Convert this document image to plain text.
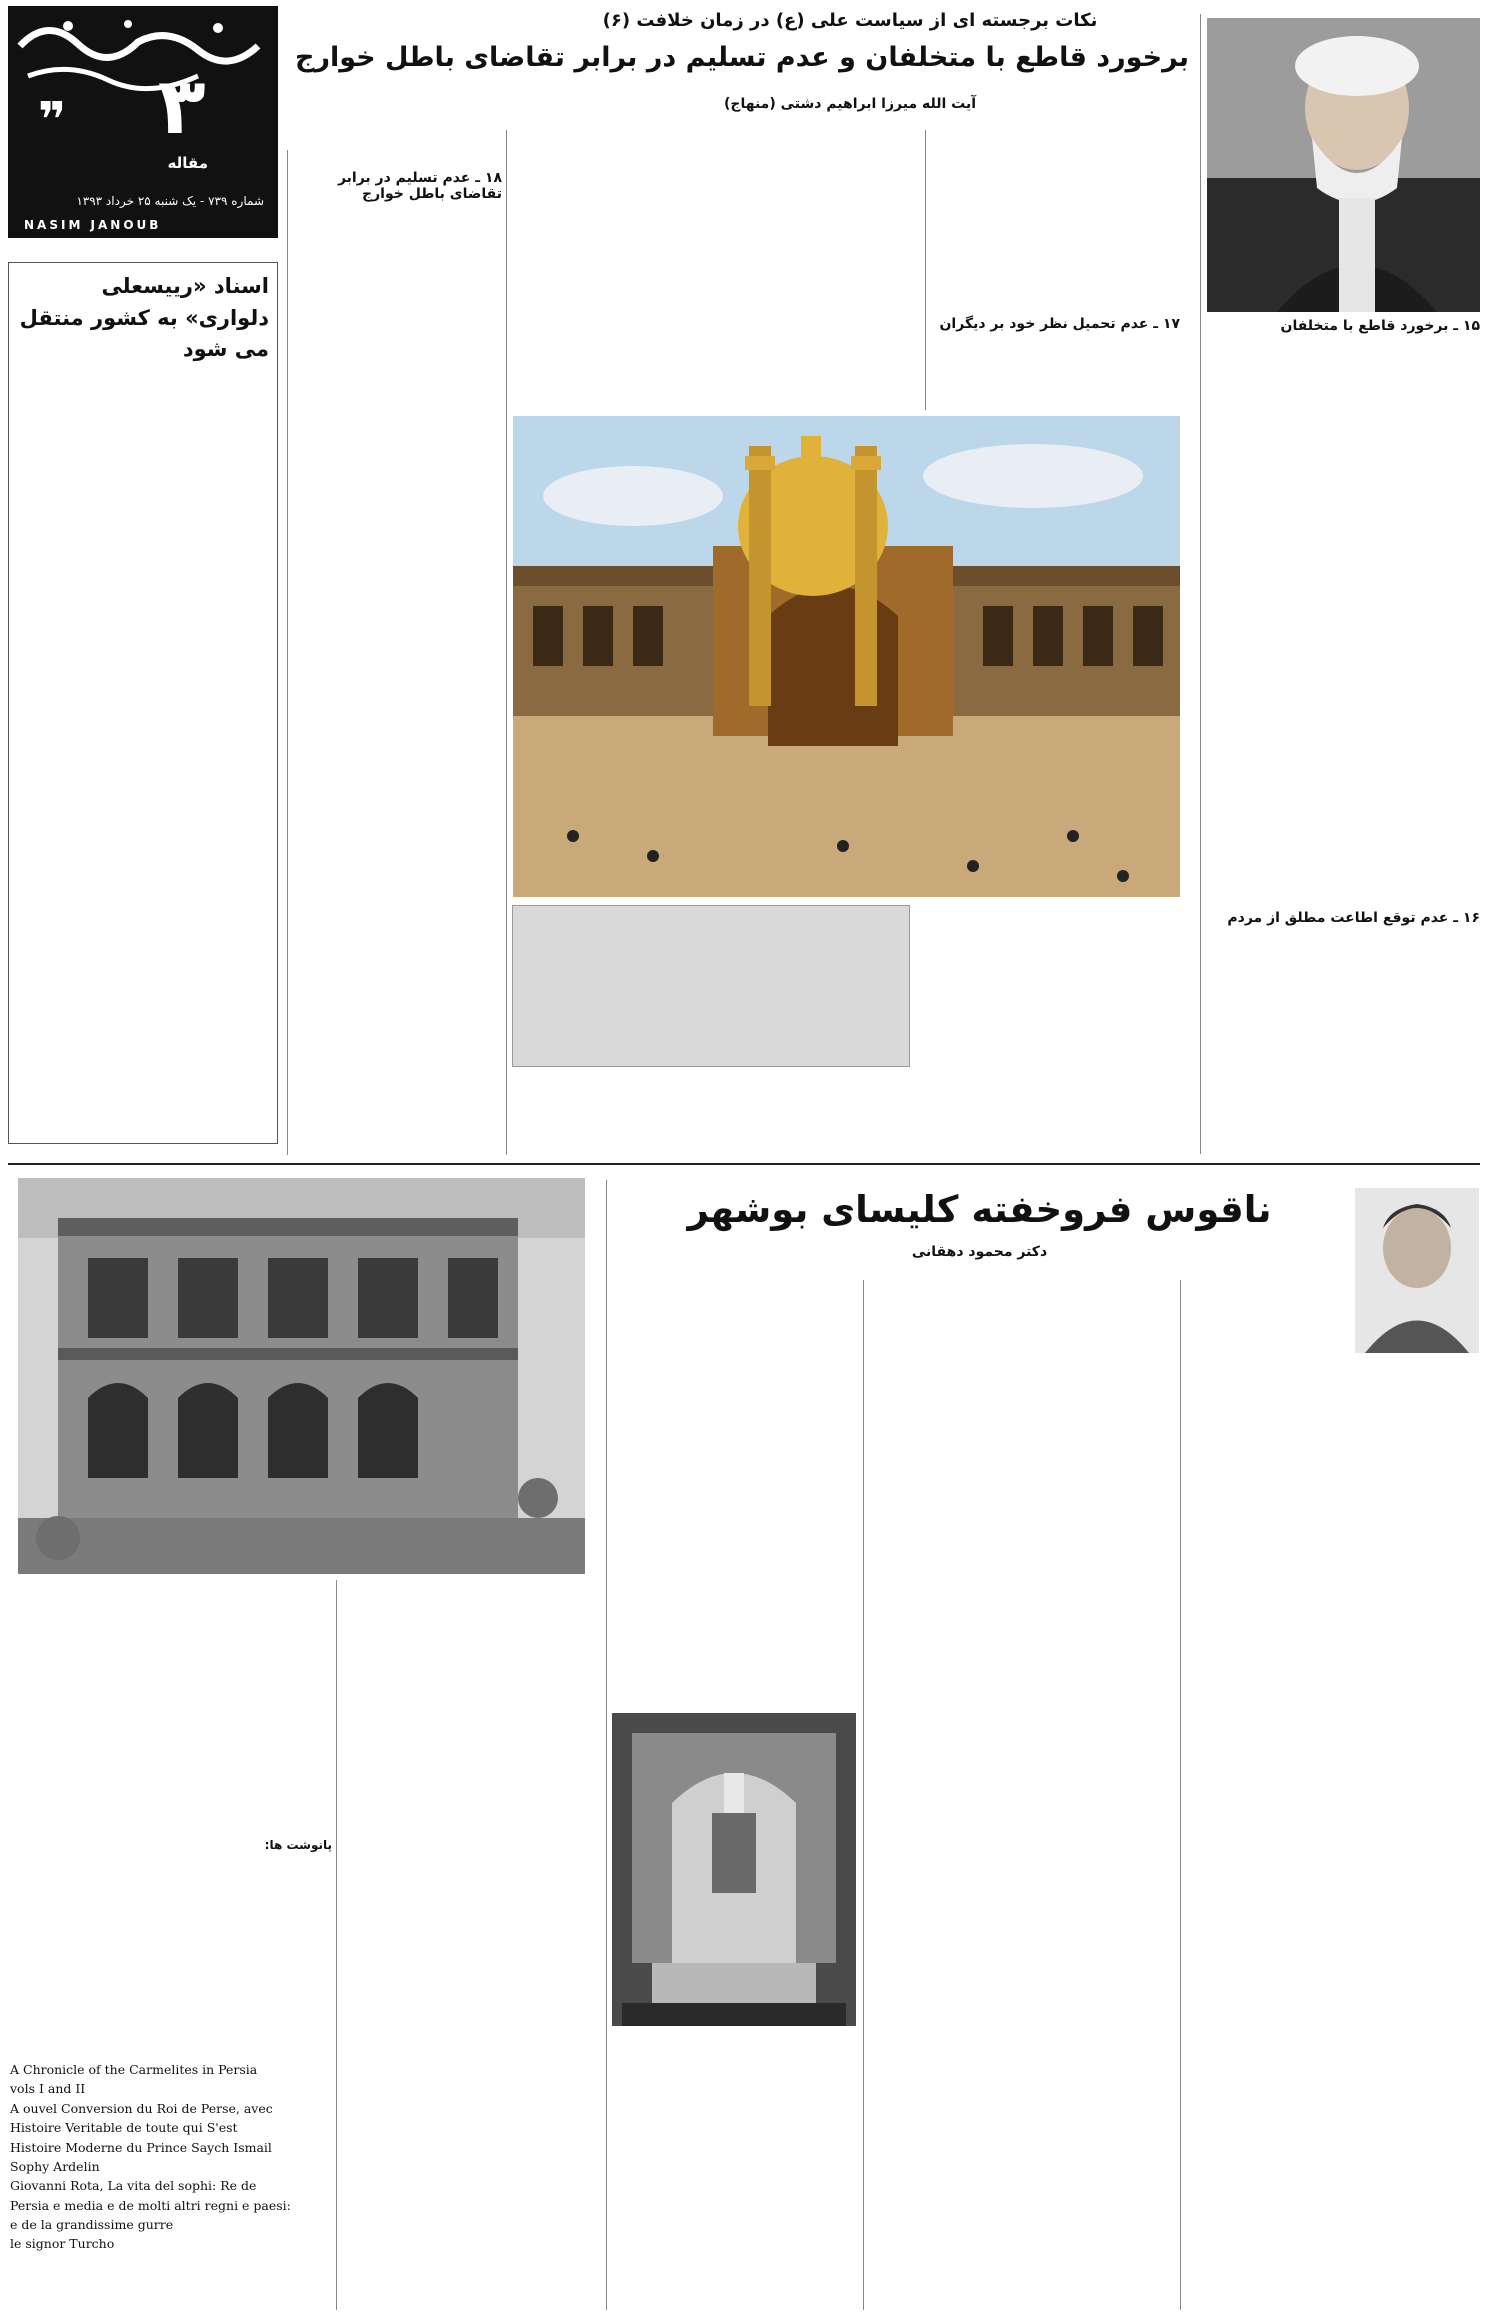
۳
❞
مقاله
شماره ۷۳۹ - یک شنبه ۲۵ خرداد ۱۳۹۳
NASIM JANOUB
اسناد «رییسعلی دلواری» به کشور منتقل می شود
نکات برجسته ای از سیاست علی (ع) در زمان خلافت (۶)
برخورد قاطع با متخلفان و عدم تسلیم در برابر تقاضای باطل خوارج
آیت الله میرزا ابراهیم دشتی (منهاج)
۱۵ ـ برخورد قاطع با متخلفان
۱۶ ـ عدم توقع اطاعت مطلق از مردم
۱۷ ـ عدم تحمیل نظر خود بر دیگران
۱۸ ـ عدم تسلیم در برابر تقاضای باطل خوارج
ناقوس فروخفته کلیسای بوشهر
دکتر محمود دهقانی
پانوشت ها:
A Chronicle of the Carmelites in Persia
vols I and II
A ouvel Conversion du Roi de Perse, avec
Histoire Veritable de toute qui S'est
Histoire Moderne du Prince Saych Ismail
Sophy Ardelin
Giovanni Rota, La vita del sophi: Re de
Persia e media e de molti altri regni e paesi:
e de la grandissime gurre
le signor Turcho
